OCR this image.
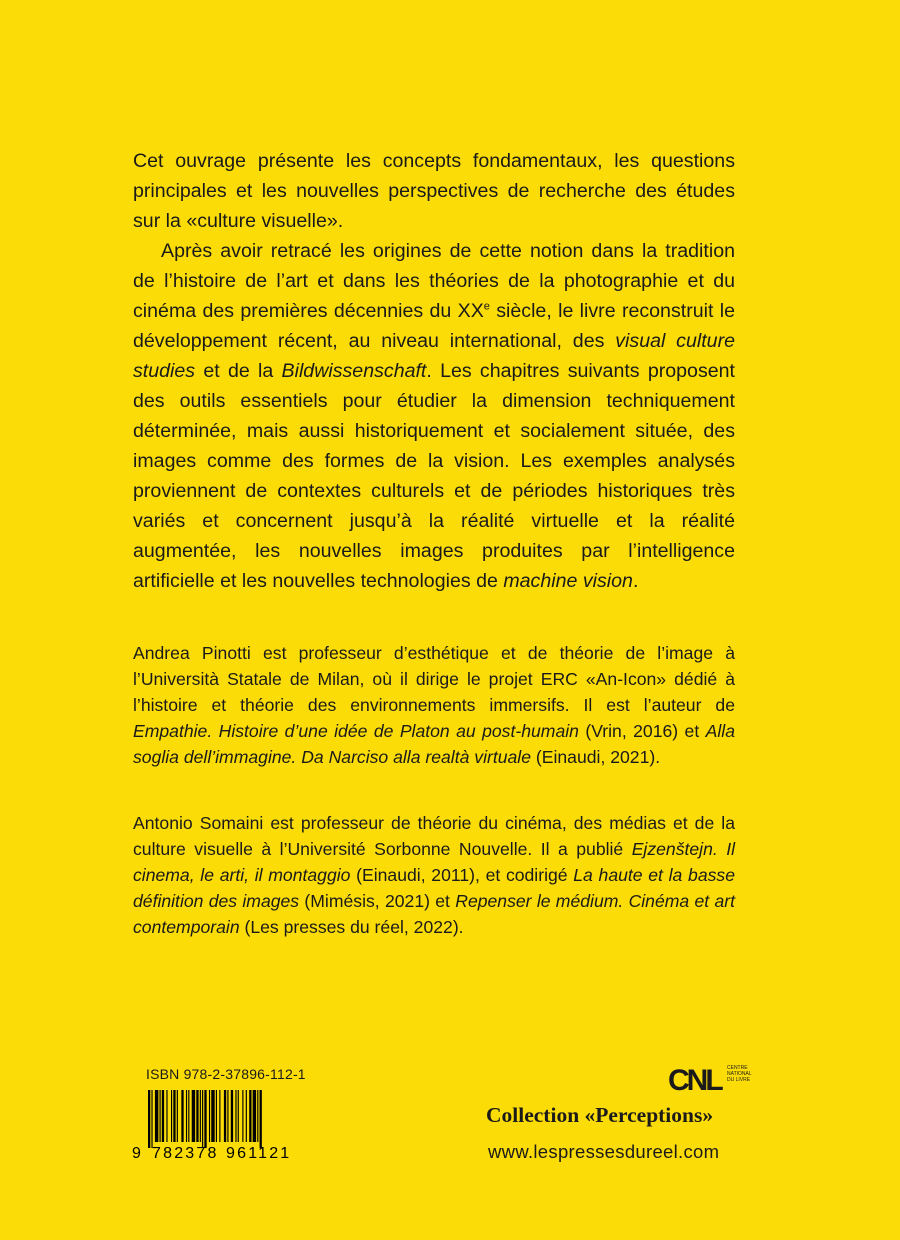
Cet ouvrage présente les concepts fondamentaux, les questions principales et les nouvelles perspectives de recherche des études sur la «culture visuelle».

Après avoir retracé les origines de cette notion dans la tradition de l’histoire de l’art et dans les théories de la photographie et du cinéma des premières décennies du XXe siècle, le livre reconstruit le développement récent, au niveau international, des visual culture studies et de la Bildwissenschaft. Les chapitres suivants proposent des outils essentiels pour étudier la dimension techniquement déterminée, mais aussi historiquement et socialement située, des images comme des formes de la vision. Les exemples analysés proviennent de contextes culturels et de périodes historiques très variés et concernent jusqu’à la réalité virtuelle et la réalité augmentée, les nouvelles images produites par l’intelligence artificielle et les nouvelles technologies de machine vision.

Andrea Pinotti est professeur d’esthétique et de théorie de l’image à l’Università Statale de Milan, où il dirige le projet ERC «An-Icon» dédié à l’histoire et théorie des environnements immersifs. Il est l’auteur de Empathie. Histoire d’une idée de Platon au post-humain (Vrin, 2016) et Alla soglia dell’immagine. Da Narciso alla realtà virtuale (Einaudi, 2021).

Antonio Somaini est professeur de théorie du cinéma, des médias et de la culture visuelle à l’Université Sorbonne Nouvelle. Il a publié Ejzenštejn. Il cinema, le arti, il montaggio (Einaudi, 2011), et codirigé La haute et la basse définition des images (Mimésis, 2021) et Repenser le médium. Cinéma et art contemporain (Les presses du réel, 2022).

ISBN 978-2-37896-112-1
9 782378 961121
CNL	CENTRE
NATIONAL
DU LIVRE
Collection «Perceptions»
www.lespressesdureel.com
